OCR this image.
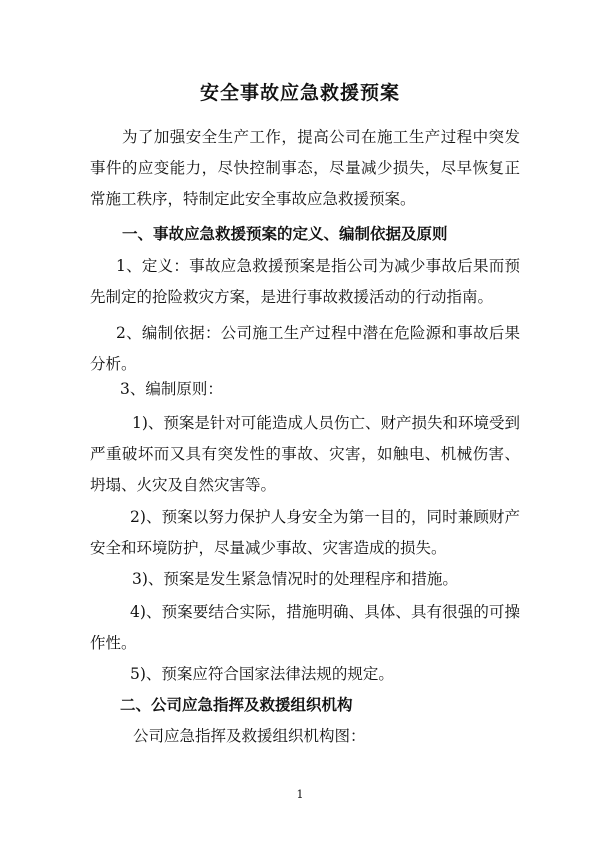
安全事故应急救援预案
为了加强安全生产工作，提高公司在施工生产过程中突发事件的应变能力，尽快控制事态，尽量减少损失，尽早恢复正常施工秩序，特制定此安全事故应急救援预案。
一、事故应急救援预案的定义、编制依据及原则
1、定义：事故应急救援预案是指公司为减少事故后果而预先制定的抢险救灾方案，是进行事故救援活动的行动指南。
2、编制依据：公司施工生产过程中潜在危险源和事故后果分析。
3、编制原则：
1)、预案是针对可能造成人员伤亡、财产损失和环境受到严重破坏而又具有突发性的事故、灾害，如触电、机械伤害、坍塌、火灾及自然灾害等。
2)、预案以努力保护人身安全为第一目的，同时兼顾财产安全和环境防护，尽量减少事故、灾害造成的损失。
3)、预案是发生紧急情况时的处理程序和措施。
4)、预案要结合实际，措施明确、具体、具有很强的可操作性。
5)、预案应符合国家法律法规的规定。
二、公司应急指挥及救援组织机构
公司应急指挥及救援组织机构图：
1
